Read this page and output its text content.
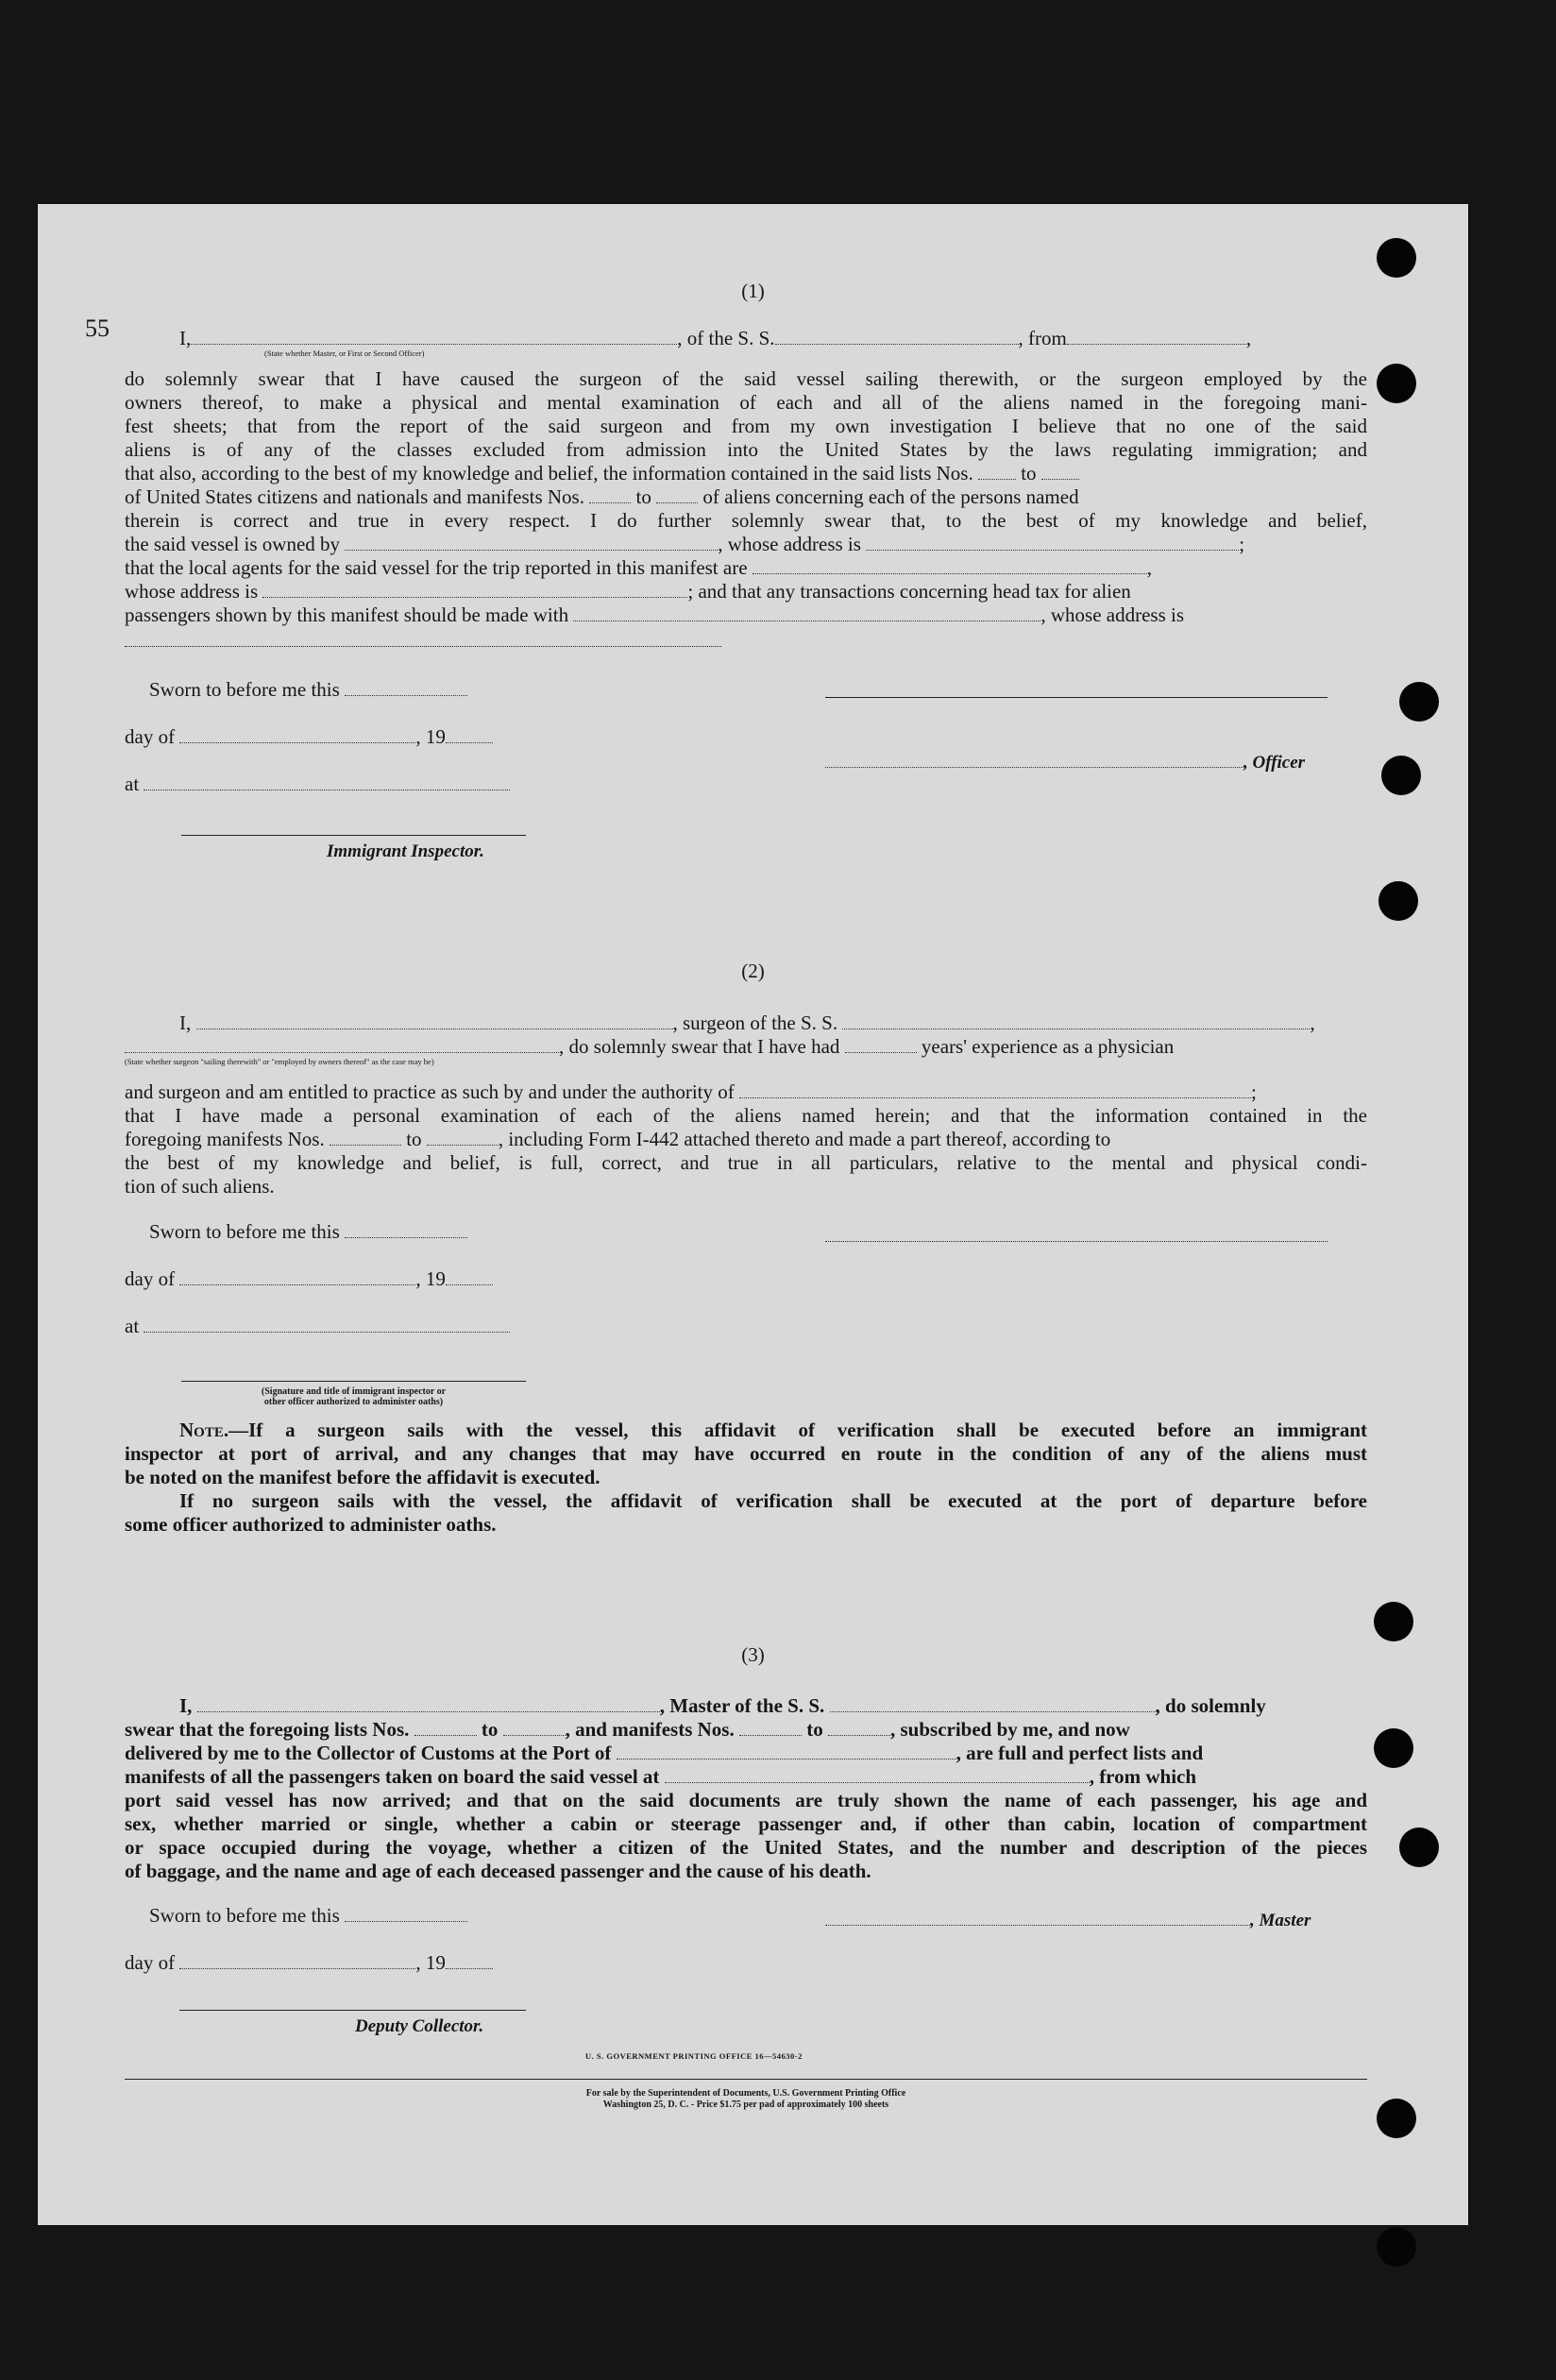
55
(1)
I,	, of the S. S.	, from	,
(State whether Master, or First or Second Officer)
do solemnly swear that I have caused the surgeon of the said vessel sailing therewith, or the surgeon employed by the
owners thereof, to make a physical and mental examination of each and all of the aliens named in the foregoing mani-
fest sheets; that from the report of the said surgeon and from my own investigation I believe that no one of the said
aliens is of any of the classes excluded from admission into the United States by the laws regulating immigration; and
that also, according to the best of my knowledge and belief, the information contained in the said lists Nos. to
of United States citizens and nationals and manifests Nos.	to	of aliens concerning each of the persons named
therein is correct and true in every respect. I do further solemnly swear that, to the best of my knowledge and belief,
the said vessel is owned by	, whose address is	;
that the local agents for the said vessel for the trip reported in this manifest are	,
whose address is	; and that any transactions concerning head tax for alien
passengers shown by this manifest should be made with	, whose address is
Sworn to before me this
day of	, 19
, Officer
at
Immigrant Inspector.
(2)
I,	, surgeon of the S. S.	,
, do solemnly swear that I have had	years' experience as a physician
(State whether surgeon "sailing therewith" or "employed by owners thereof" as the case may be)
and surgeon and am entitled to practice as such by and under the authority of	;
that I have made a personal examination of each of the aliens named herein; and that the information contained in the
foregoing manifests Nos.	to	, including Form I-442 attached thereto and made a part thereof, according to
the best of my knowledge and belief, is full, correct, and true in all particulars, relative to the mental and physical condi-
tion of such aliens.
Sworn to before me this
day of	, 19
at
(Signature and title of immigrant inspector or
other officer authorized to administer oaths)
Note.—If a surgeon sails with the vessel, this affidavit of verification shall be executed before an immigrant
inspector at port of arrival, and any changes that may have occurred en route in the condition of any of the aliens must
be noted on the manifest before the affidavit is executed.
If no surgeon sails with the vessel, the affidavit of verification shall be executed at the port of departure before
some officer authorized to administer oaths.
(3)
I,	, Master of the S. S.	, do solemnly
swear that the foregoing lists Nos.	to	, and manifests Nos.	to	, subscribed by me, and now
delivered by me to the Collector of Customs at the Port of	, are full and perfect lists and
manifests of all the passengers taken on board the said vessel at	, from which
port said vessel has now arrived; and that on the said documents are truly shown the name of each passenger, his age and
sex, whether married or single, whether a cabin or steerage passenger and, if other than cabin, location of compartment
or space occupied during the voyage, whether a citizen of the United States, and the number and description of the pieces
of baggage, and the name and age of each deceased passenger and the cause of his death.
Sworn to before me this	, Master
day of	, 19
Deputy Collector.
U. S. GOVERNMENT PRINTING OFFICE 16—54630-2
For sale by the Superintendent of Documents, U.S. Government Printing Office
Washington 25, D. C. - Price $1.75 per pad of approximately 100 sheets
